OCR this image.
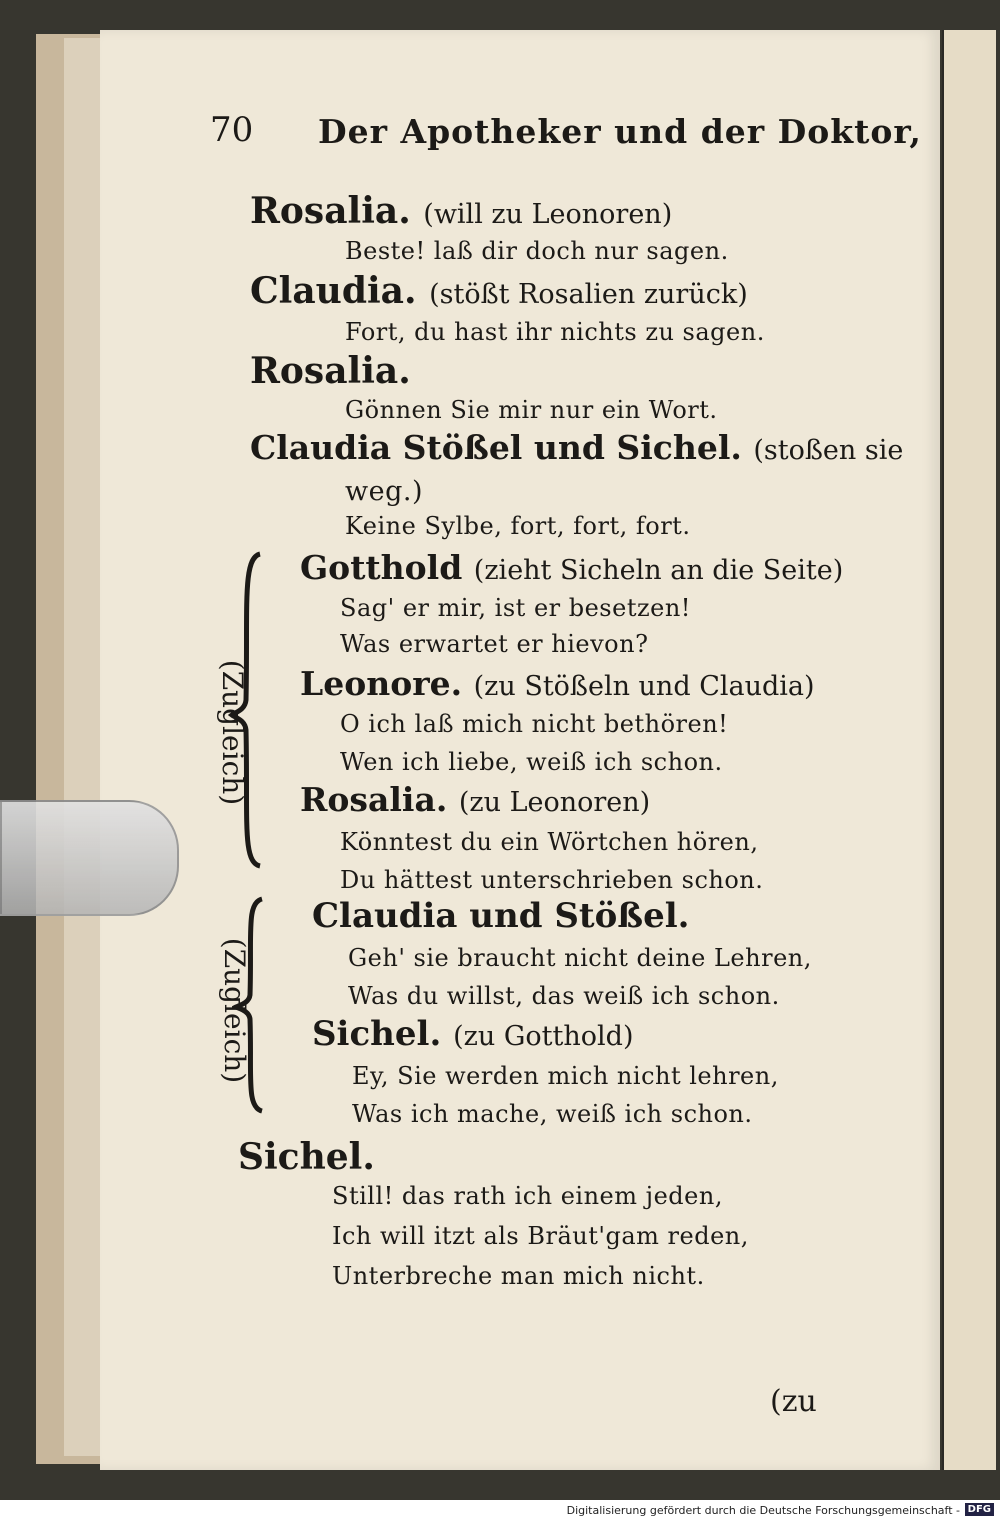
70 Der Apotheker und der Doktor,
Rosalia. (will zu Leonoren)
Beste! laß dir doch nur sagen.
Claudia. (stößt Rosalien zurück)
Fort, du hast ihr nichts zu sagen.
Rosalia.
Gönnen Sie mir nur ein Wort.
Claudia Stößel und Sichel. (stoßen sie
weg.)
Keine Sylbe, fort, fort, fort.
Gotthold (zieht Sicheln an die Seite)
Sag' er mir, ist er besetzen!
Was erwartet er hievon?
Leonore. (zu Stößeln und Claudia)
O ich laß mich nicht bethören!
Wen ich liebe, weiß ich schon.
Rosalia. (zu Leonoren)
Könntest du ein Wörtchen hören,
Du hättest unterschrieben schon.
Claudia und Stößel.
Geh' sie braucht nicht deine Lehren,
Was du willst, das weiß ich schon.
Sichel. (zu Gotthold)
Ey, Sie werden mich nicht lehren,
Was ich mache, weiß ich schon.
Sichel.
Still! das rath ich einem jeden,
Ich will itzt als Bräut'gam reden,
Unterbreche man mich nicht.
(zu
(Zugleich)
(Zugleich)
Digitalisierung gefördert durch die Deutsche Forschungsgemeinschaft - DFG
